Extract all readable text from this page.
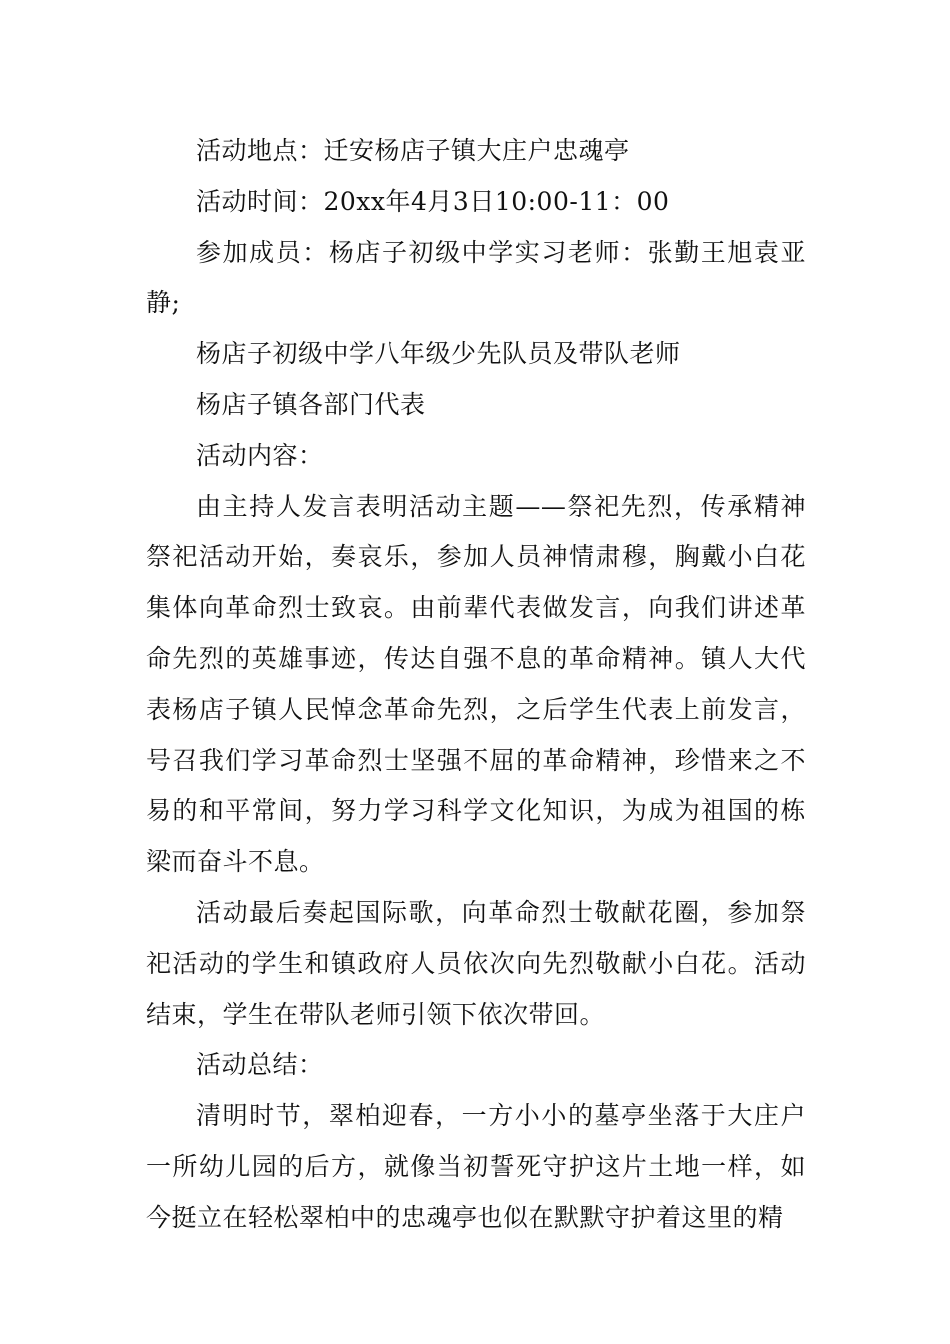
活动地点：迁安杨店子镇大庄户忠魂亭

活动时间：20xx年4月3日10:00-11：00

参加成员：杨店子初级中学实习老师：张勤王旭袁亚静;

杨店子初级中学八年级少先队员及带队老师

杨店子镇各部门代表

活动内容：

由主持人发言表明活动主题——祭祀先烈，传承精神祭祀活动开始，奏哀乐，参加人员神情肃穆，胸戴小白花集体向革命烈士致哀。由前辈代表做发言，向我们讲述革命先烈的英雄事迹，传达自强不息的革命精神。镇人大代表杨店子镇人民悼念革命先烈，之后学生代表上前发言，号召我们学习革命烈士坚强不屈的革命精神，珍惜来之不易的和平常间，努力学习科学文化知识，为成为祖国的栋梁而奋斗不息。

活动最后奏起国际歌，向革命烈士敬献花圈，参加祭祀活动的学生和镇政府人员依次向先烈敬献小白花。活动结束，学生在带队老师引领下依次带回。

活动总结：

清明时节，翠柏迎春，一方小小的墓亭坐落于大庄户一所幼儿园的后方，就像当初誓死守护这片土地一样，如今挺立在轻松翠柏中的忠魂亭也似在默默守护着这里的精
